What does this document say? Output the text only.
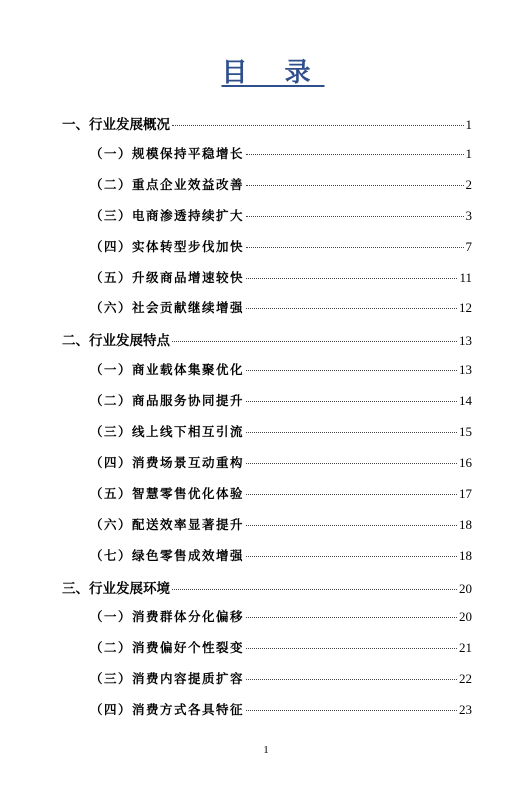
目 录
一、行业发展概况	1
（一）规模保持平稳增长	1
（二）重点企业效益改善	2
（三）电商渗透持续扩大	3
（四）实体转型步伐加快	7
（五）升级商品增速较快	11
（六）社会贡献继续增强	12
二、行业发展特点	13
（一）商业载体集聚优化	13
（二）商品服务协同提升	14
（三）线上线下相互引流	15
（四）消费场景互动重构	16
（五）智慧零售优化体验	17
（六）配送效率显著提升	18
（七）绿色零售成效增强	18
三、行业发展环境	20
（一）消费群体分化偏移	20
（二）消费偏好个性裂变	21
（三）消费内容提质扩容	22
（四）消费方式各具特征	23
1
